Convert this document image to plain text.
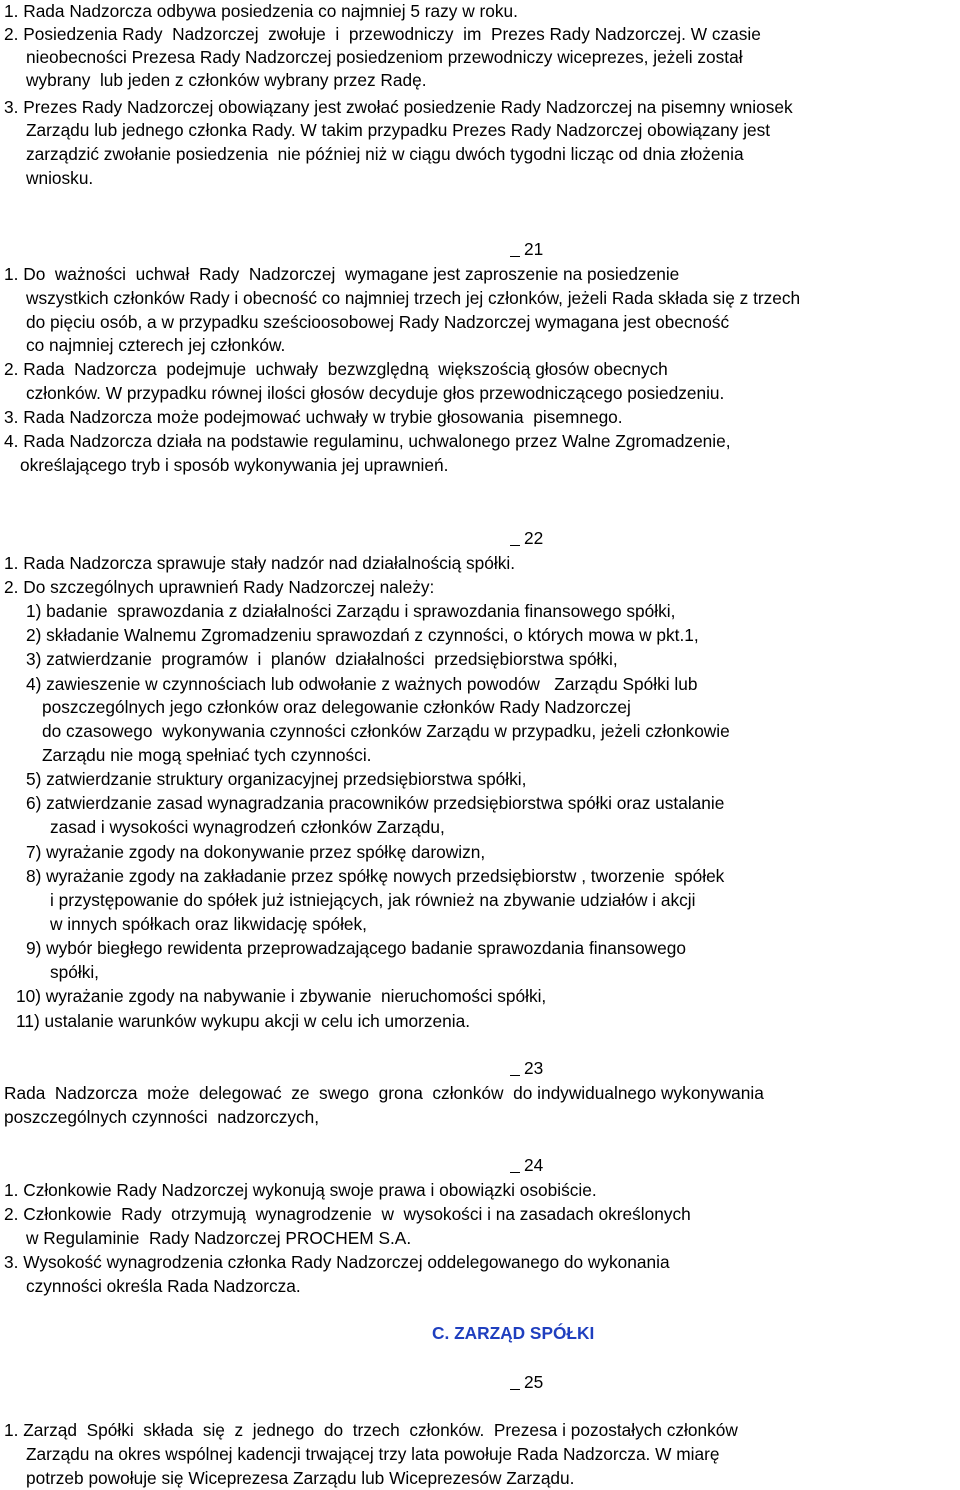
1. Rada Nadzorcza odbywa posiedzenia co najmniej 5 razy w roku.
2. Posiedzenia Rady  Nadzorczej  zwołuje  i  przewodniczy  im  Prezes Rady Nadzorczej. W czasie
nieobecności Prezesa Rady Nadzorczej posiedzeniom przewodniczy wiceprezes, jeżeli został
wybrany  lub jeden z członków wybrany przez Radę.
3. Prezes Rady Nadzorczej obowiązany jest zwołać posiedzenie Rady Nadzorczej na pisemny wniosek
Zarządu lub jednego członka Rady. W takim przypadku Prezes Rady Nadzorczej obowiązany jest
zarządzić zwołanie posiedzenia  nie później niż w ciągu dwóch tygodni licząc od dnia złożenia
wniosku.
21
1. Do  ważności  uchwał  Rady  Nadzorczej  wymagane jest zaproszenie na posiedzenie
wszystkich członków Rady i obecność co najmniej trzech jej członków, jeżeli Rada składa się z trzech
do pięciu osób, a w przypadku sześcioosobowej Rady Nadzorczej wymagana jest obecność
co najmniej czterech jej członków.
2. Rada  Nadzorcza  podejmuje  uchwały  bezwzględną  większością głosów obecnych
członków. W przypadku równej ilości głosów decyduje głos przewodniczącego posiedzeniu.
3. Rada Nadzorcza może podejmować uchwały w trybie głosowania  pisemnego.
4. Rada Nadzorcza działa na podstawie regulaminu, uchwalonego przez Walne Zgromadzenie,
określającego tryb i sposób wykonywania jej uprawnień.
22
1. Rada Nadzorcza sprawuje stały nadzór nad działalnością spółki.
2. Do szczególnych uprawnień Rady Nadzorczej należy:
1) badanie  sprawozdania z działalności Zarządu i sprawozdania finansowego spółki,
2) składanie Walnemu Zgromadzeniu sprawozdań z czynności, o których mowa w pkt.1,
3) zatwierdzanie  programów  i  planów  działalności  przedsiębiorstwa spółki,
4) zawieszenie w czynnościach lub odwołanie z ważnych powodów   Zarządu Spółki lub
poszczególnych jego członków oraz delegowanie członków Rady Nadzorczej
do czasowego  wykonywania czynności członków Zarządu w przypadku, jeżeli członkowie
Zarządu nie mogą spełniać tych czynności.
5) zatwierdzanie struktury organizacyjnej przedsiębiorstwa spółki,
6) zatwierdzanie zasad wynagradzania pracowników przedsiębiorstwa spółki oraz ustalanie
zasad i wysokości wynagrodzeń członków Zarządu,
7) wyrażanie zgody na dokonywanie przez spółkę darowizn,
8) wyrażanie zgody na zakładanie przez spółkę nowych przedsiębiorstw , tworzenie  spółek
i przystępowanie do spółek już istniejących, jak również na zbywanie udziałów i akcji
w innych spółkach oraz likwidację spółek,
9) wybór biegłego rewidenta przeprowadzającego badanie sprawozdania finansowego
spółki,
10) wyrażanie zgody na nabywanie i zbywanie  nieruchomości spółki,
11) ustalanie warunków wykupu akcji w celu ich umorzenia.
23
Rada  Nadzorcza  może  delegować  ze  swego  grona  członków  do indywidualnego wykonywania
poszczególnych czynności  nadzorczych,
24
1. Członkowie Rady Nadzorczej wykonują swoje prawa i obowiązki osobiście.
2. Członkowie  Rady  otrzymują  wynagrodzenie  w  wysokości i na zasadach określonych
w Regulaminie  Rady Nadzorczej PROCHEM S.A.
3. Wysokość wynagrodzenia członka Rady Nadzorczej oddelegowanego do wykonania
czynności określa Rada Nadzorcza.
C. ZARZĄD SPÓŁKI
25
1. Zarząd  Spółki  składa  się  z  jednego  do  trzech  członków.  Prezesa i pozostałych członków
Zarządu na okres wspólnej kadencji trwającej trzy lata powołuje Rada Nadzorcza. W miarę
potrzeb powołuje się Wiceprezesa Zarządu lub Wiceprezesów Zarządu.
